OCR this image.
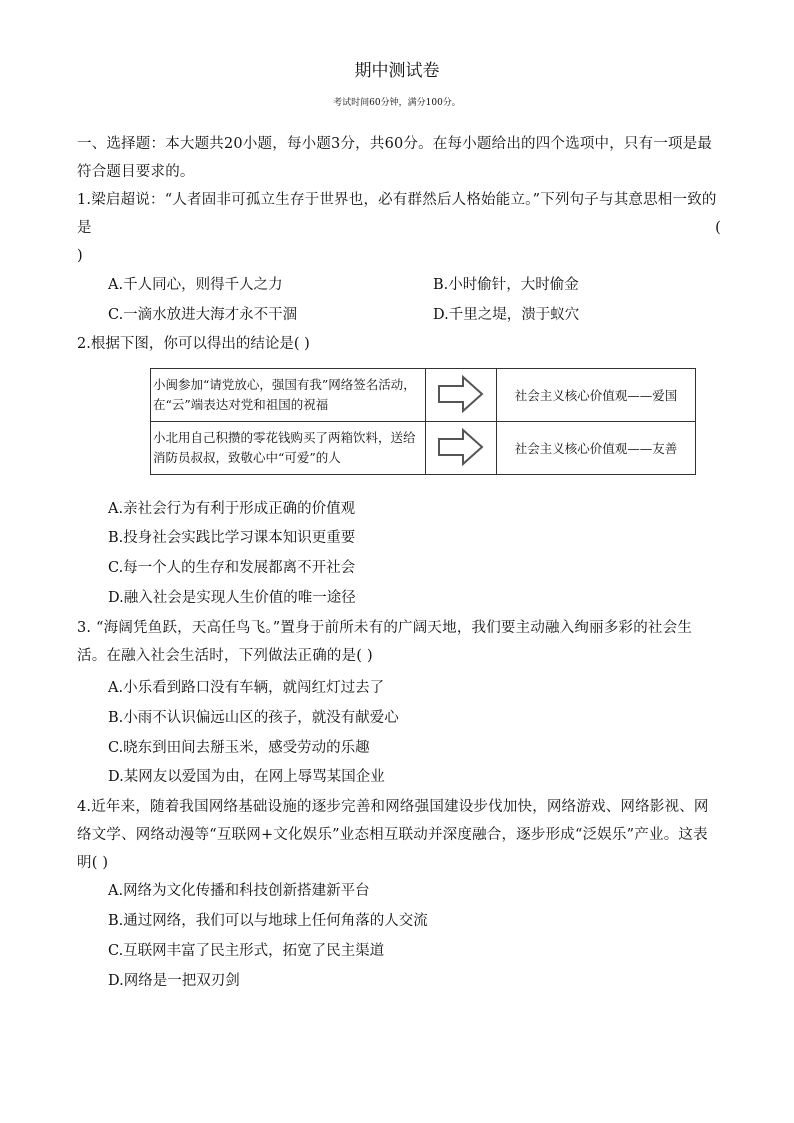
期中测试卷
考试时间60分钟，满分100分。
一、选择题：本大题共20小题，每小题3分，共60分。在每小题给出的四个选项中，只有一项是最符合题目要求的。
1.梁启超说：“人者固非可孤立生存于世界也，必有群然后人格始能立。”下列句子与其意思相一致的是	(
)
A.千人同心，则得千人之力	B.小时偷针，大时偷金
C.一滴水放进大海才永不干涸	D.千里之堤，溃于蚁穴
2.根据下图，你可以得出的结论是( )
小闽参加“请党放心，强国有我”网络签名活动，在“云”端表达对党和祖国的祝福		社会主义核心价值观——爱国
小北用自己积攒的零花钱购买了两箱饮料，送给消防员叔叔，致敬心中“可爱”的人		社会主义核心价值观——友善
A.亲社会行为有利于形成正确的价值观
B.投身社会实践比学习课本知识更重要
C.每一个人的生存和发展都离不开社会
D.融入社会是实现人生价值的唯一途径
3. “海阔凭鱼跃，天高任鸟飞。”置身于前所未有的广阔天地，我们要主动融入绚丽多彩的社会生活。在融入社会生活时，下列做法正确的是( )
A.小乐看到路口没有车辆，就闯红灯过去了
B.小雨不认识偏远山区的孩子，就没有献爱心
C.晓东到田间去掰玉米，感受劳动的乐趣
D.某网友以爱国为由，在网上辱骂某国企业
4.近年来，随着我国网络基础设施的逐步完善和网络强国建设步伐加快，网络游戏、网络影视、网络文学、网络动漫等“互联网+文化娱乐”业态相互联动并深度融合，逐步形成“泛娱乐”产业。这表明( )
A.网络为文化传播和科技创新搭建新平台
B.通过网络，我们可以与地球上任何角落的人交流
C.互联网丰富了民主形式，拓宽了民主渠道
D.网络是一把双刃剑
